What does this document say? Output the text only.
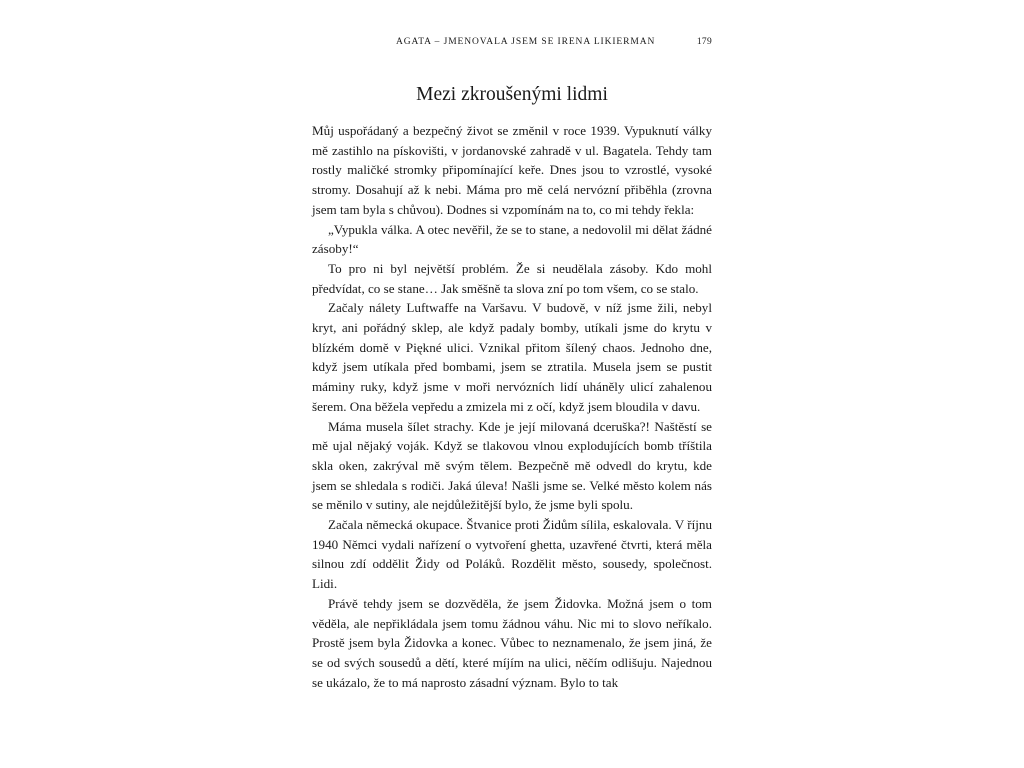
AGATA – JMENOVALA JSEM SE IRENA LIKIERMAN	179
Mezi zkroušenými lidmi

Můj uspořádaný a bezpečný život se změnil v roce 1939. Vypuknutí války mě zastihlo na pískovišti, v jordanovské zahradě v ul. Bagatela. Tehdy tam rostly maličké stromky připomínající keře. Dnes jsou to vzrostlé, vysoké stromy. Dosahují až k nebi. Máma pro mě celá nervózní přiběhla (zrovna jsem tam byla s chůvou). Dodnes si vzpomínám na to, co mi tehdy řekla:

„Vypukla válka. A otec nevěřil, že se to stane, a nedovolil mi dělat žádné zásoby!“

To pro ni byl největší problém. Že si neudělala zásoby. Kdo mohl předvídat, co se stane… Jak směšně ta slova zní po tom všem, co se stalo.

Začaly nálety Luftwaffe na Varšavu. V budově, v níž jsme žili, nebyl kryt, ani pořádný sklep, ale když padaly bomby, utíkali jsme do krytu v blízkém domě v Piękné ulici. Vznikal přitom šílený chaos. Jednoho dne, když jsem utíkala před bombami, jsem se ztratila. Musela jsem se pustit máminy ruky, když jsme v moři nervózních lidí uháněly ulicí zahalenou šerem. Ona běžela vepředu a zmizela mi z očí, když jsem bloudila v davu.

Máma musela šílet strachy. Kde je její milovaná dceruška?! Naštěstí se mě ujal nějaký voják. Když se tlakovou vlnou explodujících bomb tříštila skla oken, zakrýval mě svým tělem. Bezpečně mě odvedl do krytu, kde jsem se shledala s rodiči. Jaká úleva! Našli jsme se. Velké město kolem nás se měnilo v sutiny, ale nejdůležitější bylo, že jsme byli spolu.

Začala německá okupace. Štvanice proti Židům sílila, eskalovala. V říjnu 1940 Němci vydali nařízení o vytvoření ghetta, uzavřené čtvrti, která měla silnou zdí oddělit Židy od Poláků. Rozdělit město, sousedy, společnost. Lidi.

Právě tehdy jsem se dozvěděla, že jsem Židovka. Možná jsem o tom věděla, ale nepřikládala jsem tomu žádnou váhu. Nic mi to slovo neříkalo. Prostě jsem byla Židovka a konec. Vůbec to neznamenalo, že jsem jiná, že se od svých sousedů a dětí, které míjím na ulici, něčím odlišuju. Najednou se ukázalo, že to má naprosto zásadní význam. Bylo to tak
